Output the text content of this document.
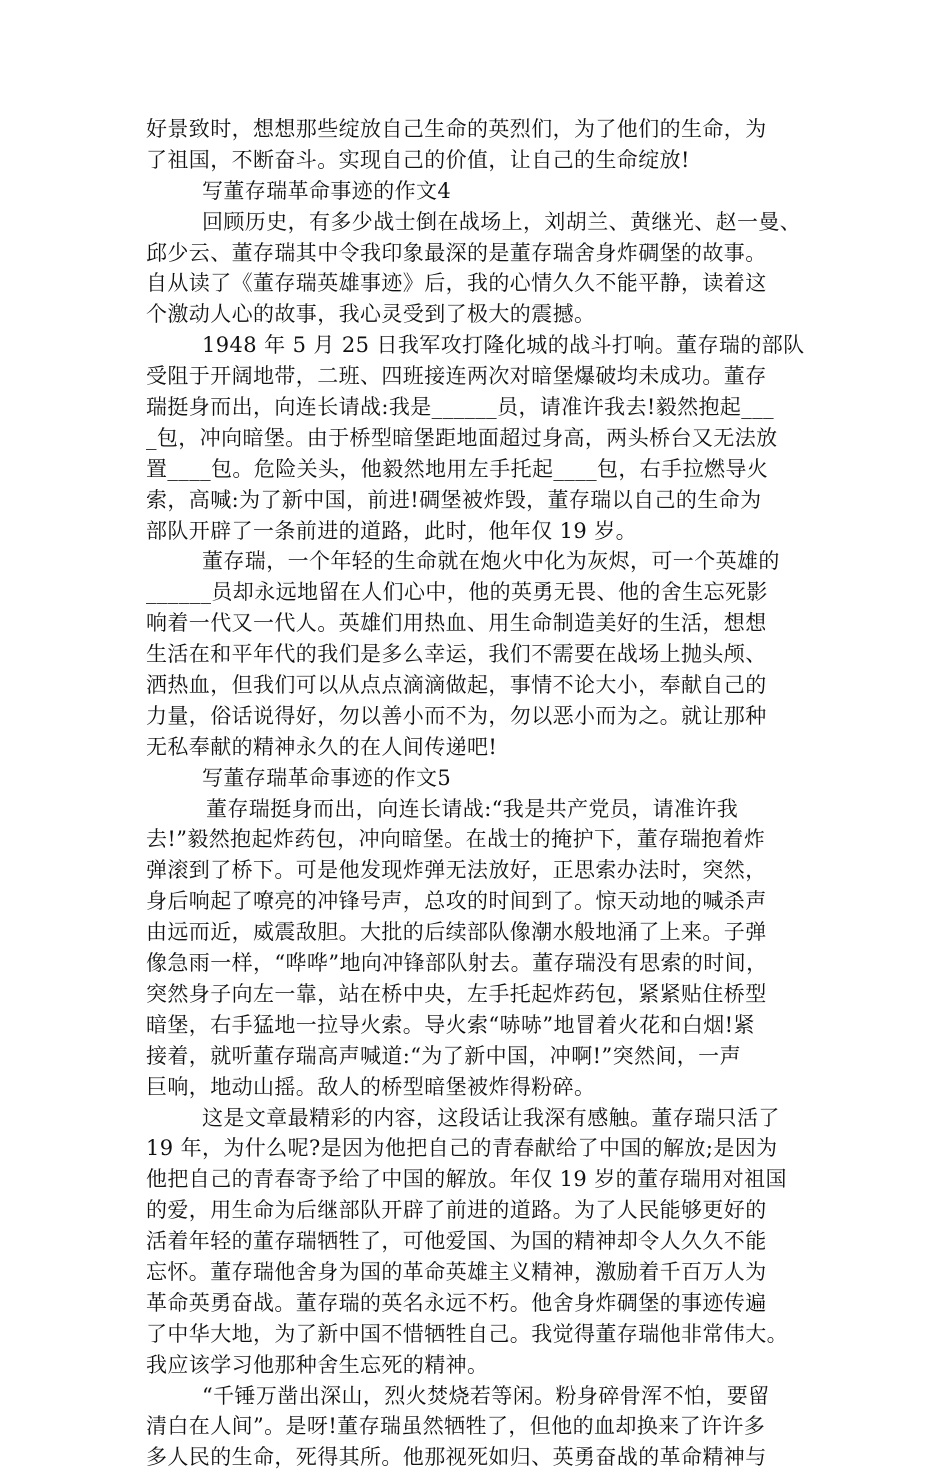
好景致时，想想那些绽放自己生命的英烈们，为了他们的生命，为
了祖国，不断奋斗。实现自己的价值，让自己的生命绽放!
写董存瑞革命事迹的作文4
回顾历史，有多少战士倒在战场上，刘胡兰、黄继光、赵一曼、
邱少云、董存瑞其中令我印象最深的是董存瑞舍身炸碉堡的故事。
自从读了《董存瑞英雄事迹》后，我的心情久久不能平静，读着这
个激动人心的故事，我心灵受到了极大的震撼。
1948 年 5 月 25 日我军攻打隆化城的战斗打响。董存瑞的部队
受阻于开阔地带，二班、四班接连两次对暗堡爆破均未成功。董存
瑞挺身而出，向连长请战:我是______员，请准许我去!毅然抱起___
_包，冲向暗堡。由于桥型暗堡距地面超过身高，两头桥台又无法放
置____包。危险关头，他毅然地用左手托起____包，右手拉燃导火
索，高喊:为了新中国，前进!碉堡被炸毁，董存瑞以自己的生命为
部队开辟了一条前进的道路，此时，他年仅 19 岁。
董存瑞，一个年轻的生命就在炮火中化为灰烬，可一个英雄的
______员却永远地留在人们心中，他的英勇无畏、他的舍生忘死影
响着一代又一代人。英雄们用热血、用生命制造美好的生活，想想
生活在和平年代的我们是多么幸运，我们不需要在战场上抛头颅、
洒热血，但我们可以从点点滴滴做起，事情不论大小，奉献自己的
力量，俗话说得好，勿以善小而不为，勿以恶小而为之。就让那种
无私奉献的精神永久的在人间传递吧!
写董存瑞革命事迹的作文5
董存瑞挺身而出，向连长请战:“我是共产党员，请准许我
去!”毅然抱起炸药包，冲向暗堡。在战士的掩护下，董存瑞抱着炸
弹滚到了桥下。可是他发现炸弹无法放好，正思索办法时，突然，
身后响起了嘹亮的冲锋号声，总攻的时间到了。惊天动地的喊杀声
由远而近，威震敌胆。大批的后续部队像潮水般地涌了上来。子弹
像急雨一样，“哗哗”地向冲锋部队射去。董存瑞没有思索的时间，
突然身子向左一靠，站在桥中央，左手托起炸药包，紧紧贴住桥型
暗堡，右手猛地一拉导火索。导火索“哧哧”地冒着火花和白烟!紧
接着，就听董存瑞高声喊道:“为了新中国，冲啊!”突然间，一声
巨响，地动山摇。敌人的桥型暗堡被炸得粉碎。
这是文章最精彩的内容，这段话让我深有感触。董存瑞只活了
19 年，为什么呢?是因为他把自己的青春献给了中国的解放;是因为
他把自己的青春寄予给了中国的解放。年仅 19 岁的董存瑞用对祖国
的爱，用生命为后继部队开辟了前进的道路。为了人民能够更好的
活着年轻的董存瑞牺牲了，可他爱国、为国的精神却令人久久不能
忘怀。董存瑞他舍身为国的革命英雄主义精神，激励着千百万人为
革命英勇奋战。董存瑞的英名永远不朽。他舍身炸碉堡的事迹传遍
了中华大地，为了新中国不惜牺牲自己。我觉得董存瑞他非常伟大。
我应该学习他那种舍生忘死的精神。
“千锤万凿出深山，烈火焚烧若等闲。粉身碎骨浑不怕，要留
清白在人间”。是呀!董存瑞虽然牺牲了，但他的血却换来了许许多
多人民的生命，死得其所。他那视死如归、英勇奋战的革命精神与
